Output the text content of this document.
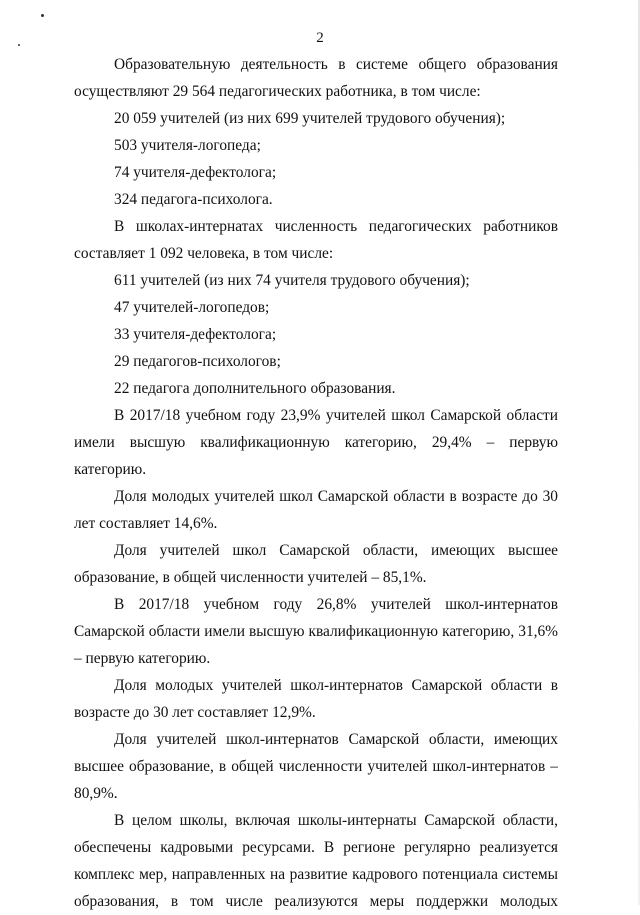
2

Образовательную деятельность в системе общего образования осуществляют 29 564 педагогических работника, в том числе:

20 059 учителей (из них 699 учителей трудового обучения);

503 учителя-логопеда;

74 учителя-дефектолога;

324 педагога-психолога.

В школах-интернатах численность педагогических работников составляет 1 092 человека, в том числе:

611 учителей (из них 74 учителя трудового обучения);

47 учителей-логопедов;

33 учителя-дефектолога;

29 педагогов-психологов;

22 педагога дополнительного образования.

В 2017/18 учебном году 23,9% учителей школ Самарской области имели высшую квалификационную категорию, 29,4% – первую категорию.

Доля молодых учителей школ Самарской области в возрасте до 30 лет составляет 14,6%.

Доля учителей школ Самарской области, имеющих высшее образование, в общей численности учителей – 85,1%.

В 2017/18 учебном году 26,8% учителей школ-интернатов Самарской области имели высшую квалификационную категорию, 31,6% – первую категорию.

Доля молодых учителей школ-интернатов Самарской области в возрасте до 30 лет составляет 12,9%.

Доля учителей школ-интернатов Самарской области, имеющих высшее образование, в общей численности учителей школ-интернатов – 80,9%.

В целом школы, включая школы-интернаты Самарской области, обеспечены кадровыми ресурсами. В регионе регулярно реализуется комплекс мер, направленных на развитие кадрового потенциала системы образования, в том числе реализуются меры поддержки молодых
